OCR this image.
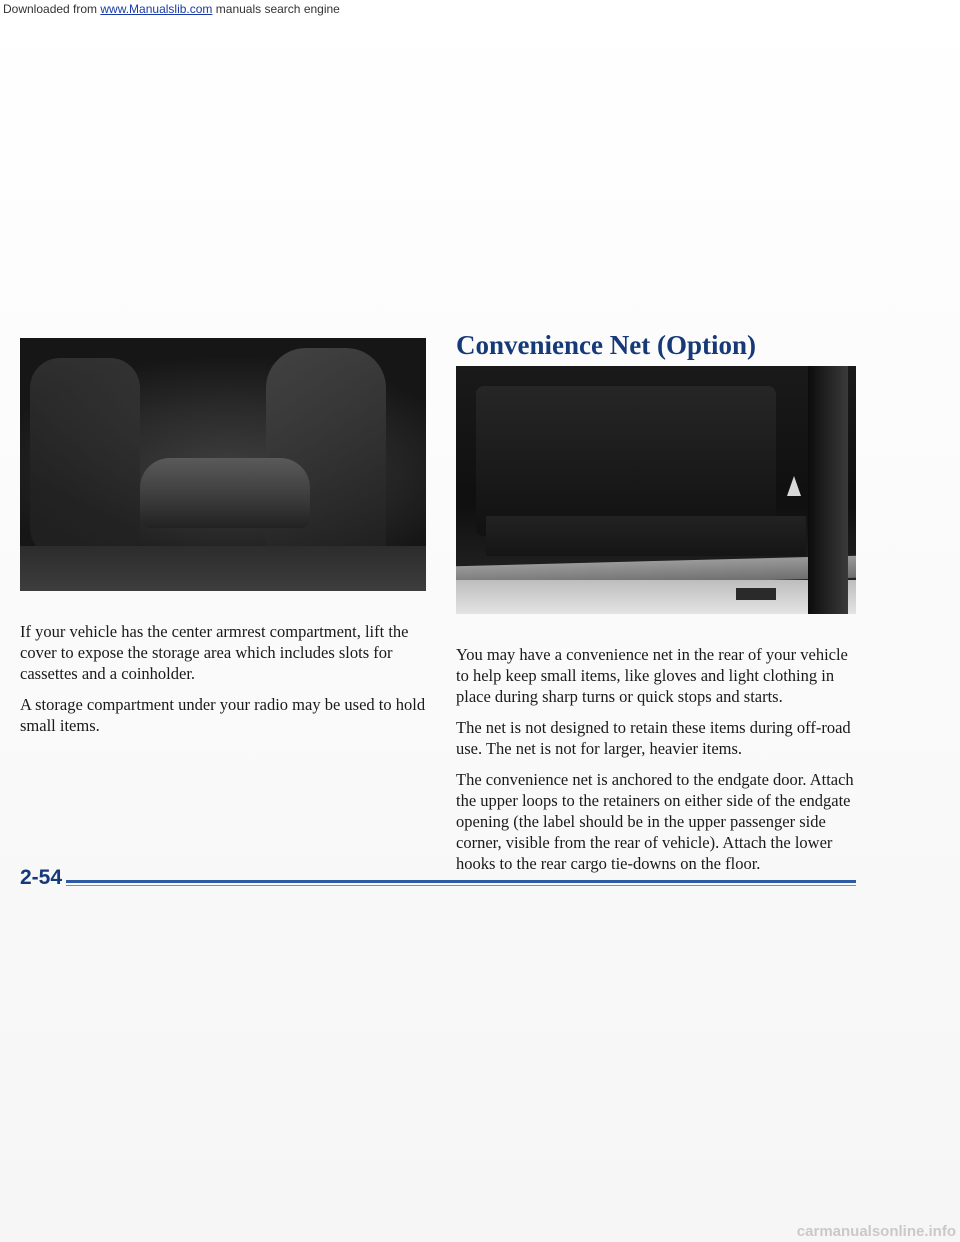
Downloaded from www.Manualslib.com manuals search engine
Convenience Net (Option)

If your vehicle has the center armrest compartment, lift the cover to expose the storage area which includes slots for cassettes and a coinholder.

A storage compartment under your radio may be used to hold small items.

You may have a convenience net in the rear of your vehicle to help keep small items, like gloves and light clothing in place during sharp turns or quick stops and starts.

The net is not designed to retain these items during off-road use. The net is not for larger, heavier items.

The convenience net is anchored to the endgate door. Attach the upper loops to the retainers on either side of the endgate opening (the label should be in the upper passenger side corner, visible from the rear of vehicle). Attach the lower hooks to the rear cargo tie-downs on the floor.

2-54
carmanualsonline.info
